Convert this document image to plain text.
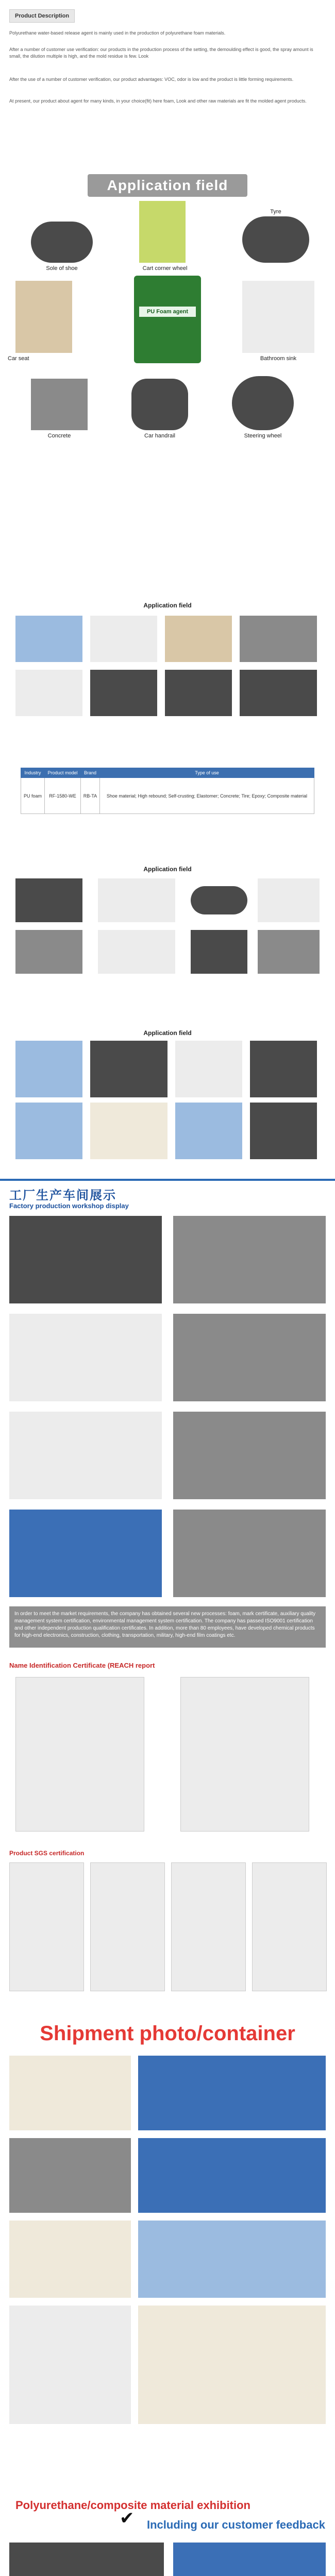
Product Description

Polyurethane water-based release agent is mainly used in the production of polyurethane foam materials.

After a number of customer use verification: our products in the production process of the setting, the demoulding effect is good, the spray amount is small, the dilution multiple is high, and the mold residue is few. Look

After the use of a number of customer verification, our product advantages: VOC, odor is low and the product is little forming requirements.

At present, our product about agent for many kinds, in your choice(fit) here foam, Look and other raw materials are fit the molded agent products.

Application field
Sole of shoe	Cart corner wheel
Tyre
Car seat
PU Foam agent
Bathroom sink
Concrete	Car handrail	Steering wheel
Application field
Industry	Product model	Brand	Type of use
PU foam	RF-1580-WE	RB-TA	Shoe material; High rebound; Self-crusting; Elastomer; Concrete; Tire; Epoxy; Composite material
Application field
Application field
工厂生产车间展示
Factory production workshop display
In order to meet the market requirements, the company has obtained several new processes: foam, mark certificate, auxiliary quality management system certification, environmental management system certification. The company has passed ISO9001 certification and other independent production qualification certificates. In addition, more than 80 employees, have developed chemical products for high-end electronics, construction, clothing, transportation, military, high-end film coatings etc.
Name Identification Certificate (REACH report
Product SGS certification
Shipment photo/container
Polyurethane/composite material exhibition
✔ Including our customer feedback
